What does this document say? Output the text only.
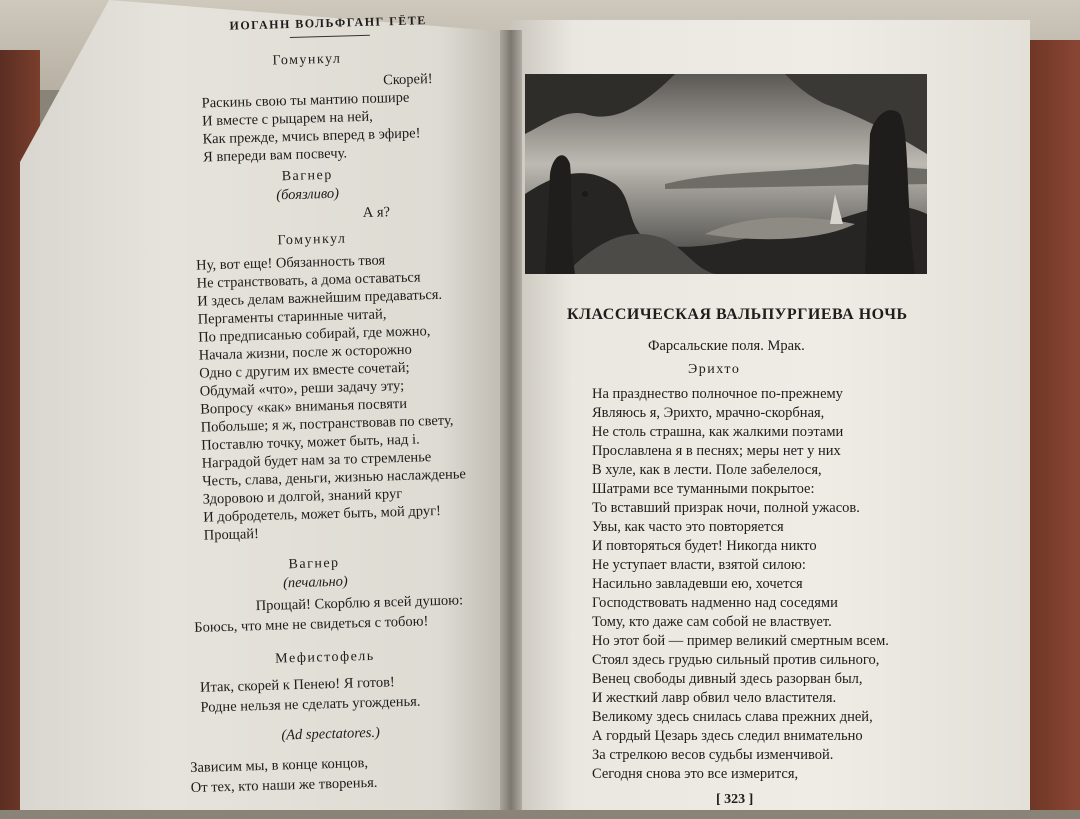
ИОГАНН ВОЛЬФГАНГ ГЁТЕ
Гомункул
Скорей!
Раскинь свою ты мантию пошире
И вместе с рыцарем на ней,
Как прежде, мчись вперед в эфире!
Я впереди вам посвечу.
Вагнер
(боязливо)
А я?
Гомункул
Ну, вот еще! Обязанность твоя
Не странствовать, а дома оставаться
И здесь делам важнейшим предаваться.
Пергаменты старинные читай,
По предписанью собирай, где можно,
Начала жизни, после ж осторожно
Одно с другим их вместе сочетай;
Обдумай «что», реши задачу эту;
Вопросу «как» вниманья посвяти
Побольше; я ж, постранствовав по свету,
Поставлю точку, может быть, над i.
Наградой будет нам за то стремленье
Честь, слава, деньги, жизнью наслажденье
Здоровою и долгой, знаний круг
И добродетель, может быть, мой друг!
Прощай!
Вагнер
(печально)
Прощай! Скорблю я всей душою:
Боюсь, что мне не свидеться с тобою!
Мефистофель
Итак, скорей к Пенею! Я готов!
Родне нельзя не сделать угожденья.
(Ad spectatores.)
Зависим мы, в конце концов,
От тех, кто наши же творенья.
КЛАССИЧЕСКАЯ ВАЛЬПУРГИЕВА НОЧЬ
Фарсальские поля. Мрак.
Эрихто
На празднество полночное по-прежнему
Являюсь я, Эрихто, мрачно-скорбная,
Не столь страшна, как жалкими поэтами
Прославлена я в песнях; меры нет у них
В хуле, как в лести. Поле забелелося,
Шатрами все туманными покрытое:
То вставший призрак ночи, полной ужасов.
Увы, как часто это повторяется
И повторяться будет! Никогда никто
Не уступает власти, взятой силою:
Насильно завладевши ею, хочется
Господствовать надменно над соседями
Тому, кто даже сам собой не властвует.
Но этот бой — пример великий смертным всем.
Стоял здесь грудью сильный против сильного,
Венец свободы дивный здесь разорван был,
И жесткий лавр обвил чело властителя.
Великому здесь снилась слава прежних дней,
А гордый Цезарь здесь следил внимательно
За стрелкою весов судьбы изменчивой.
Сегодня снова это все измерится,
[ 323 ]
